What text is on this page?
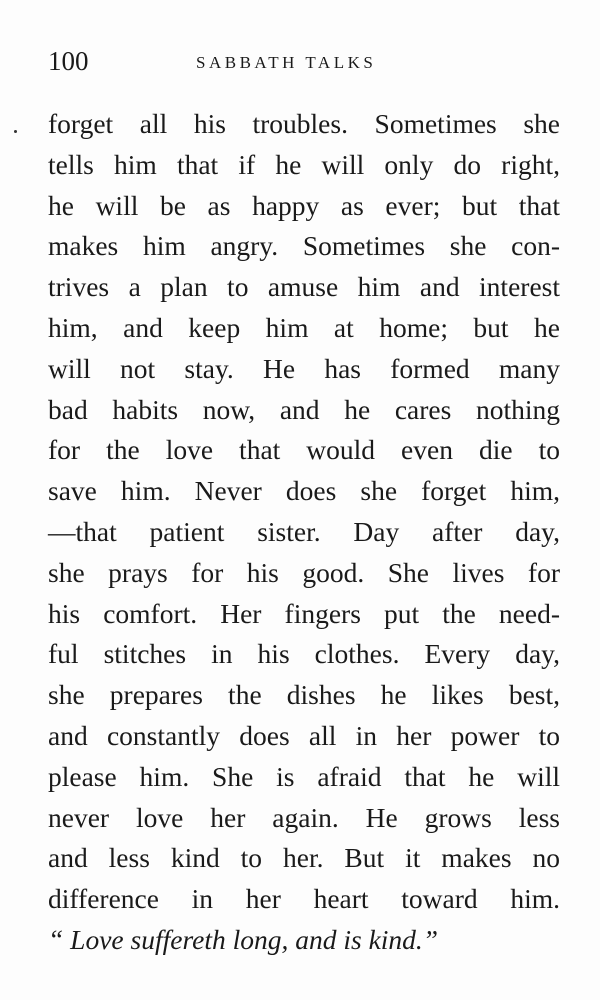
100	SABBATH TALKS
forget all his troubles. Sometimes she
tells him that if he will only do right,
he will be as happy as ever; but that
makes him angry. Sometimes she con-
trives a plan to amuse him and interest
him, and keep him at home; but he
will not stay. He has formed many
bad habits now, and he cares nothing
for the love that would even die to
save him. Never does she forget him,
—that patient sister. Day after day,
she prays for his good. She lives for
his comfort. Her fingers put the need-
ful stitches in his clothes. Every day,
she prepares the dishes he likes best,
and constantly does all in her power to
please him. She is afraid that he will
never love her again. He grows less
and less kind to her. But it makes no
difference in her heart toward him.
“ Love suffereth long, and is kind.”
